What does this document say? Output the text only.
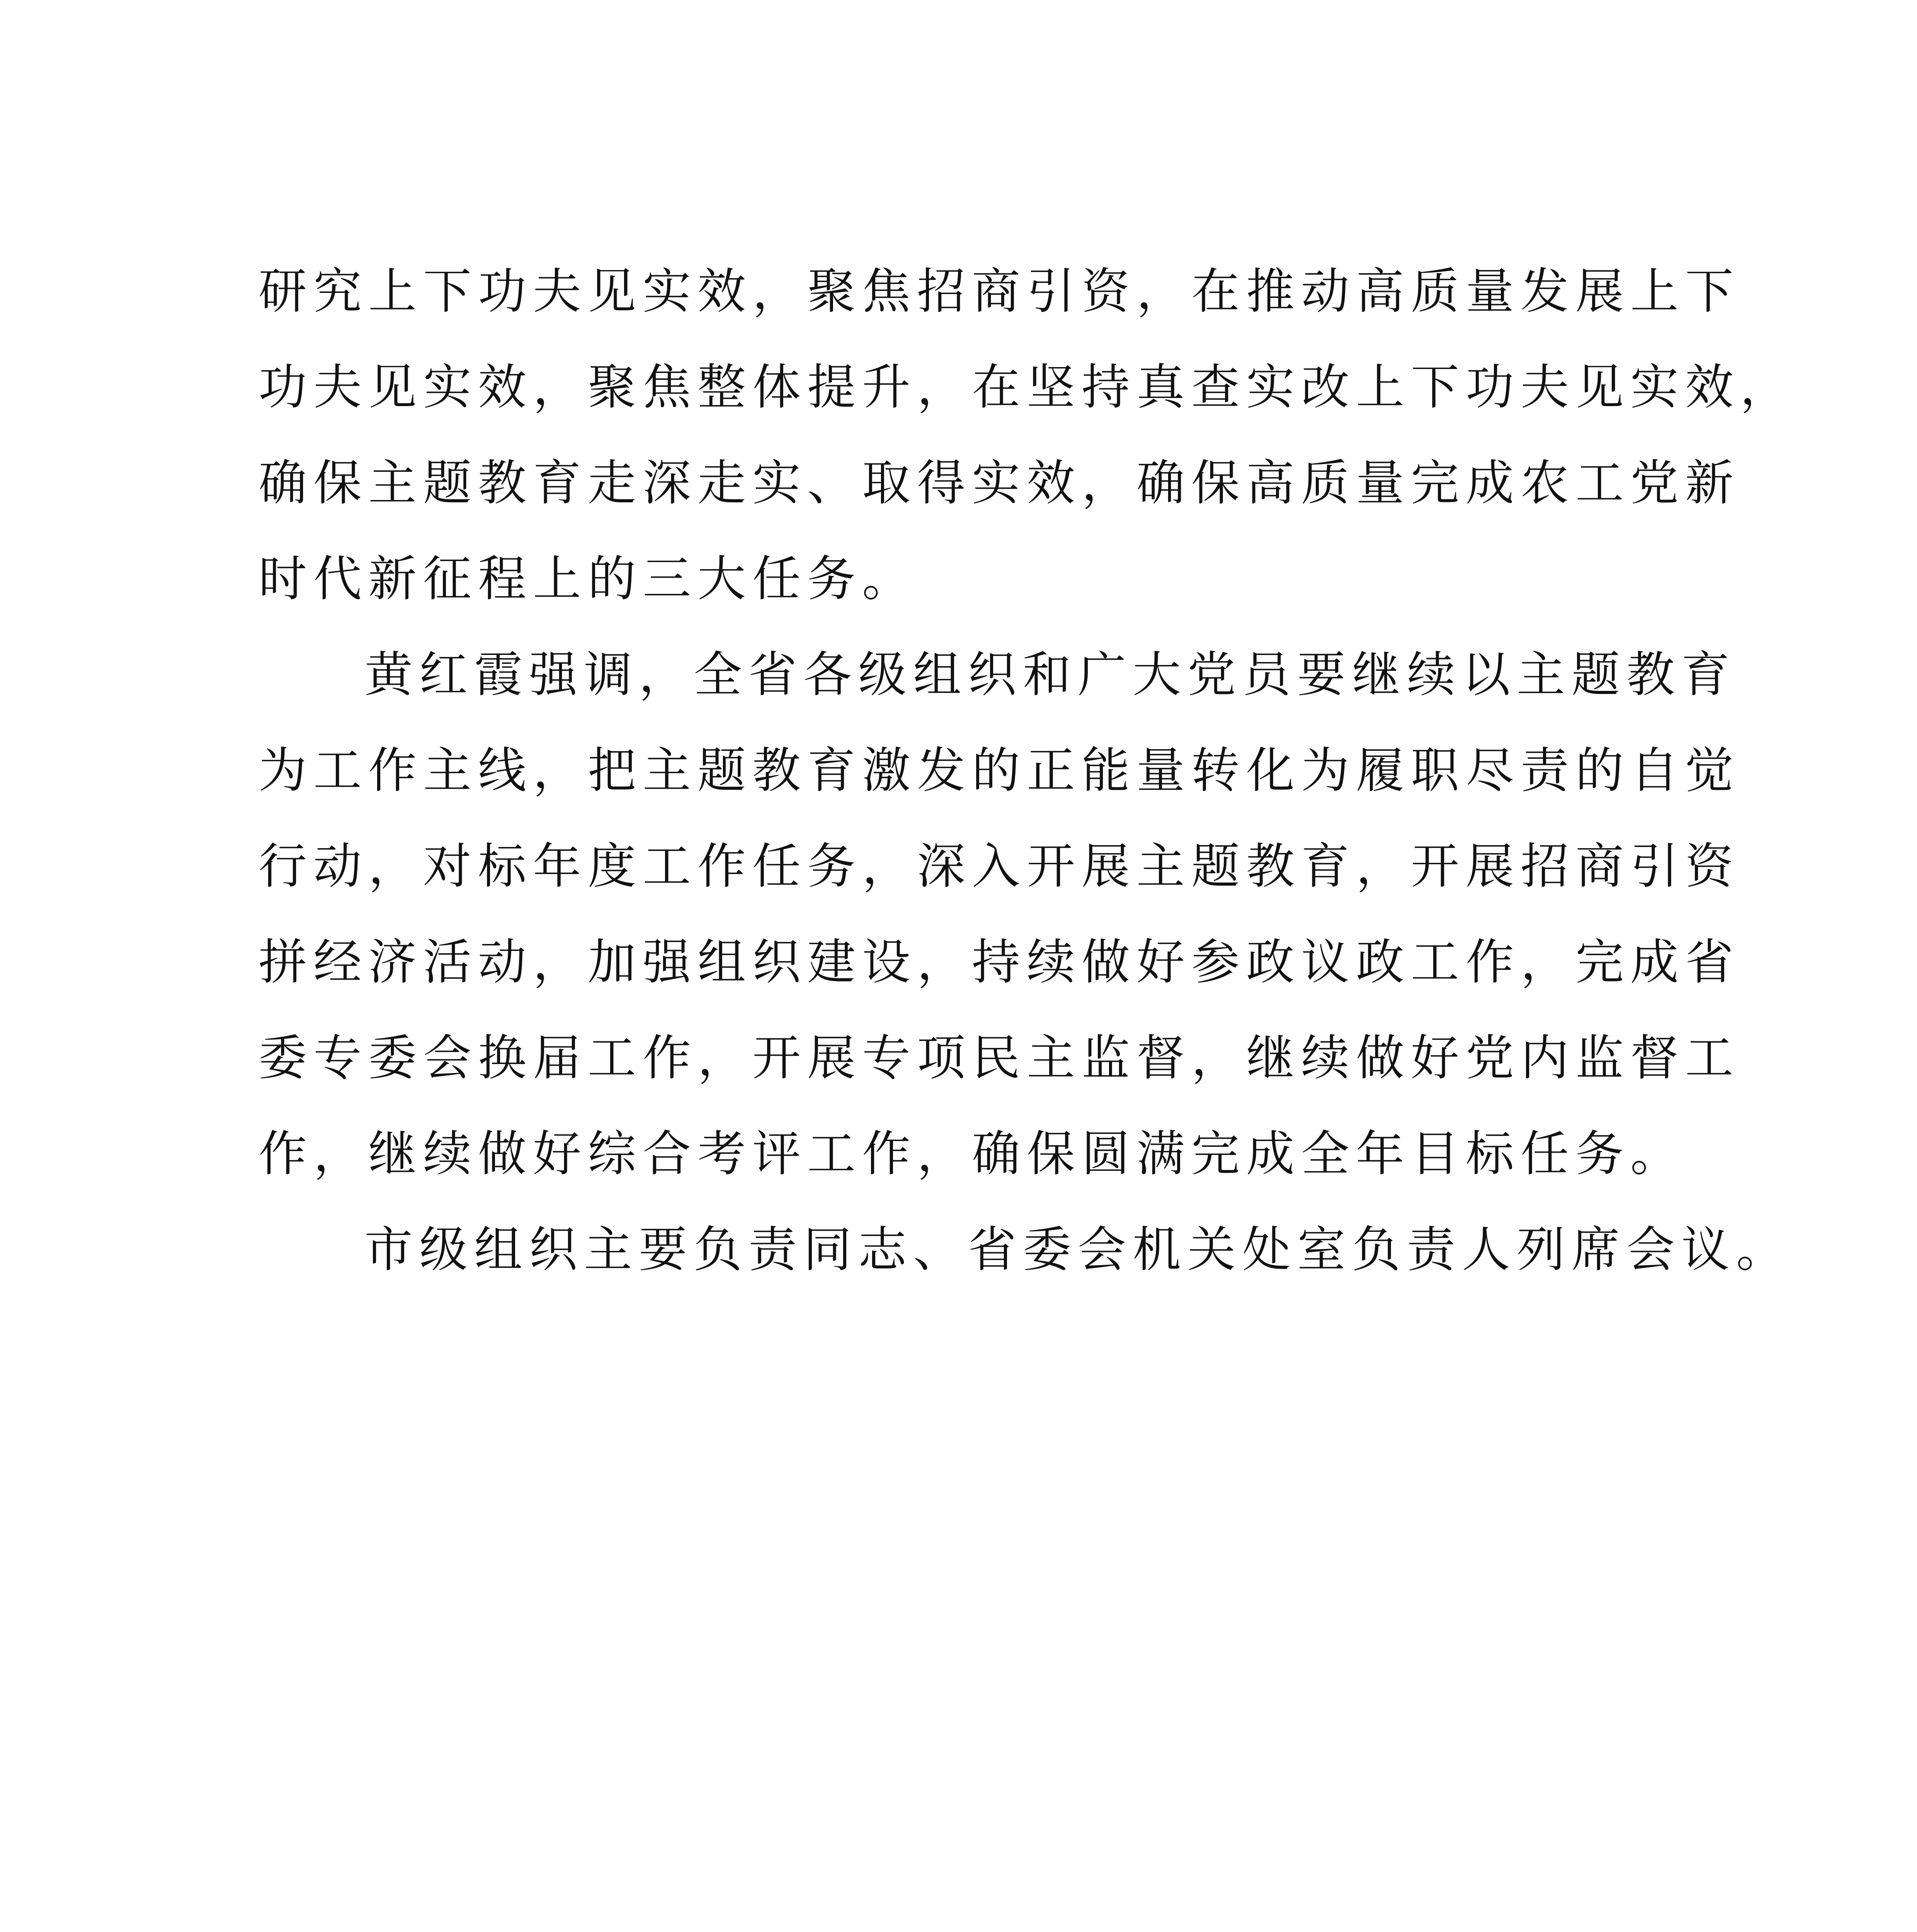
研究上下功夫见实效，聚焦招商引资，在推动高质量发展上下
功夫见实效，聚焦整体提升，在坚持真查实改上下功夫见实效，
确保主题教育走深走实、取得实效，确保高质量完成农工党新
时代新征程上的三大任务。
黄红霞强调，全省各级组织和广大党员要继续以主题教育
为工作主线，把主题教育激发的正能量转化为履职尽责的自觉
行动，对标年度工作任务，深入开展主题教育，开展招商引资
拼经济活动，加强组织建设，持续做好参政议政工作，完成省
委专委会换届工作，开展专项民主监督，继续做好党内监督工
作，继续做好综合考评工作，确保圆满完成全年目标任务。
市级组织主要负责同志、省委会机关处室负责人列席会议。
